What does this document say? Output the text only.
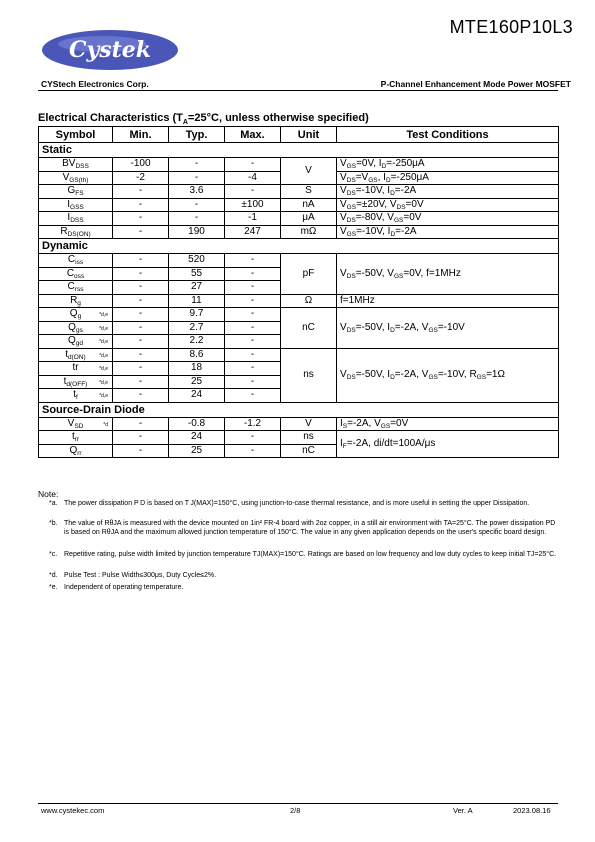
Cystek
MTE160P10L3
CYStech Electronics Corp.	P-Channel Enhancement Mode Power MOSFET
Electrical Characteristics ($T_A=25^\circ C$, unless otherwise specified)
Symbol	Min.	Typ.	Max.	Unit	Test Conditions
Static					
$BV_{DSS}$	-100	-	-	V	$V_{GS}=0V$, $I_D=-250\mu A$
$V_{GS(th)}$	-2	-	-4		$V_{DS}=V_{GS}$, $I_D=-250\mu A$
$G_{FS}$	-	3.6	-	S	$V_{DS}=-10V$, $I_D=-2A$
$I_{GSS}$	-	-	±100	nA	$V_{GS}=\pm 20V$, $V_{DS}=0V$
$I_{DSS}$	-	-	-1	μA	$V_{DS}=-80V$, $V_{GS}=0V$
$R_{DS(ON)}$	-	190	247	mΩ	$V_{GS}=-10V$, $I_D=-2A$
Dynamic					
$C_{iss}$	-	520	-	pF	$V_{DS}=-50V$, $V_{GS}=0V$, f=1MHz
$C_{oss}$	-	55	-		
$C_{rss}$	-	27	-		
$R_g$	-	11	-	Ω	f=1MHz

$Q_g$ *d,e	-	9.7	-	nC	$V_{DS}=-50V$, $I_D=-2A$, $V_{GS}=-10V$

$Q_{gs}$ *d,e	-	2.7	-		

$Q_{gd}$ *d,e	-	2.2	-		

$t_{d(ON)}$ *d,e	-	8.6	-	ns	$V_{DS}=-50V$, $I_D=-2A$, $V_{GS}=-10V$, $R_{GS}=1\Omega$

tr *d,e	-	18	-		

$t_{d(OFF)}$ *d,e	-	25	-		

$t_f$ *d,e	-	24	-		
Source-Drain Diode					

$V_{SD}$ *d	-	-0.8	-1.2	V	$I_S=-2A$, $V_{GS}=0V$
$t_{rr}$	-	24	-	ns	$I_F=-2A$, di/dt=100A/μs
$Q_{rr}$	-	25	-	nC	
Note:
*a. The power dissipation P D is based on T J(MAX)=150°C, using junction-to-case thermal resistance, and is more useful in setting the upper Dissipation.
*b. The value of RθJA is measured with the device mounted on 1in² FR-4 board with 2oz copper, in a still air environment with TA=25°C. The power dissipation PD is based on RθJA and the maximum allowed junction temperature of 150°C. The value in any given application depends on the user's specific board design.
*c. Repetitive rating, pulse width limited by junction temperature TJ(MAX)=150°C. Ratings are based on low frequency and low duty cycles to keep initial TJ=25°C.
*d. Pulse Test : Pulse Width≤300μs, Duty Cycle≤2%.
*e. Independent of operating temperature.
www.cystekec.com	2/8	Ver. A	2023.08.16
